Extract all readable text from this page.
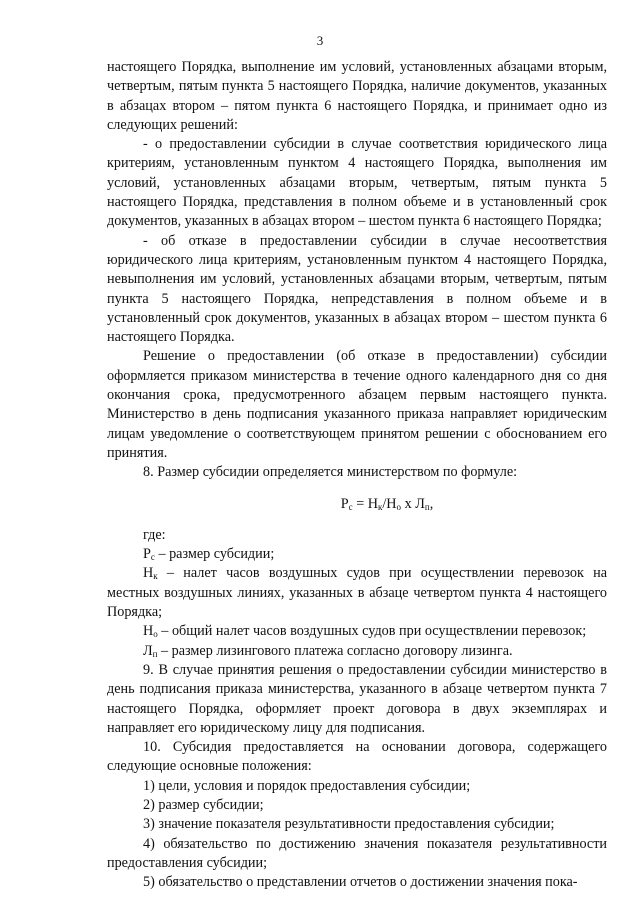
3

настоящего Порядка, выполнение им условий, установленных абзацами вторым, четвертым, пятым пункта 5 настоящего Порядка, наличие документов, указанных в абзацах втором – пятом пункта 6 настоящего Порядка, и принимает одно из следующих решений:

- о предоставлении субсидии в случае соответствия юридического лица критериям, установленным пунктом 4 настоящего Порядка, выполнения им условий, установленных абзацами вторым, четвертым, пятым пункта 5 настоящего Порядка, представления в полном объеме и в установленный срок документов, указанных в абзацах втором – шестом пункта 6 настоящего Порядка;

- об отказе в предоставлении субсидии в случае несоответствия юридического лица критериям, установленным пунктом 4 настоящего Порядка, невыполнения им условий, установленных абзацами вторым, четвертым, пятым пункта 5 настоящего Порядка, непредставления в полном объеме и в установленный срок документов, указанных в абзацах втором – шестом пункта 6 настоящего Порядка.

Решение о предоставлении (об отказе в предоставлении) субсидии оформляется приказом министерства в течение одного календарного дня со дня окончания срока, предусмотренного абзацем первым настоящего пункта. Министерство в день подписания указанного приказа направляет юридическим лицам уведомление о соответствующем принятом решении с обоснованием его принятия.

8. Размер субсидии определяется министерством по формуле:

$Р_с = Н_к/Н_о$ х $Л_п$,

где:

$Р_с$ – размер субсидии;

$Н_к$ – налет часов воздушных судов при осуществлении перевозок на местных воздушных линиях, указанных в абзаце четвертом пункта 4 настоящего Порядка;

$Н_о$ – общий налет часов воздушных судов при осуществлении перевозок;

$Л_п$ – размер лизингового платежа согласно договору лизинга.

9. В случае принятия решения о предоставлении субсидии министерство в день подписания приказа министерства, указанного в абзаце четвертом пункта 7 настоящего Порядка, оформляет проект договора в двух экземплярах и направляет его юридическому лицу для подписания.

10. Субсидия предоставляется на основании договора, содержащего следующие основные положения:

1) цели, условия и порядок предоставления субсидии;

2) размер субсидии;

3) значение показателя результативности предоставления субсидии;

4) обязательство по достижению значения показателя результативности предоставления субсидии;

5) обязательство о представлении отчетов о достижении значения пока-
